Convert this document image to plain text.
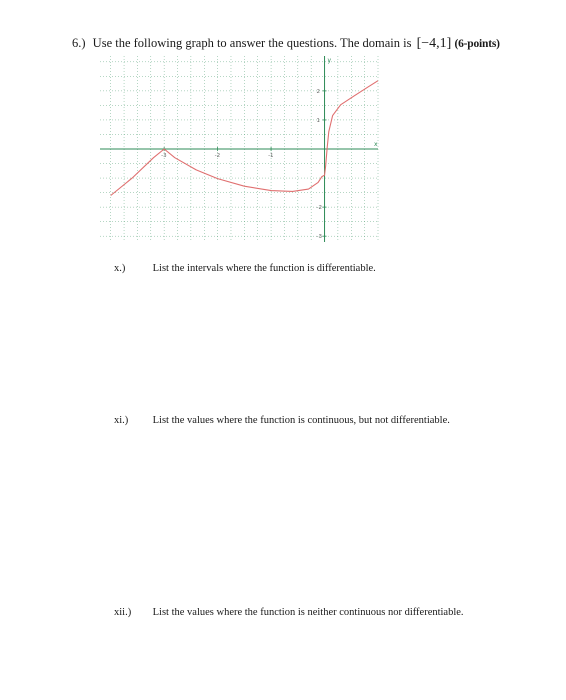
6.) Use the following graph to answer the questions. The domain is [−4,1] (6-points)
x
y
-3	-2	-1
2
1
-2
-3
x.)	List the intervals where the function is differentiable.
xi.) List the values where the function is continuous, but not differentiable.
xii.) List the values where the function is neither continuous nor differentiable.
